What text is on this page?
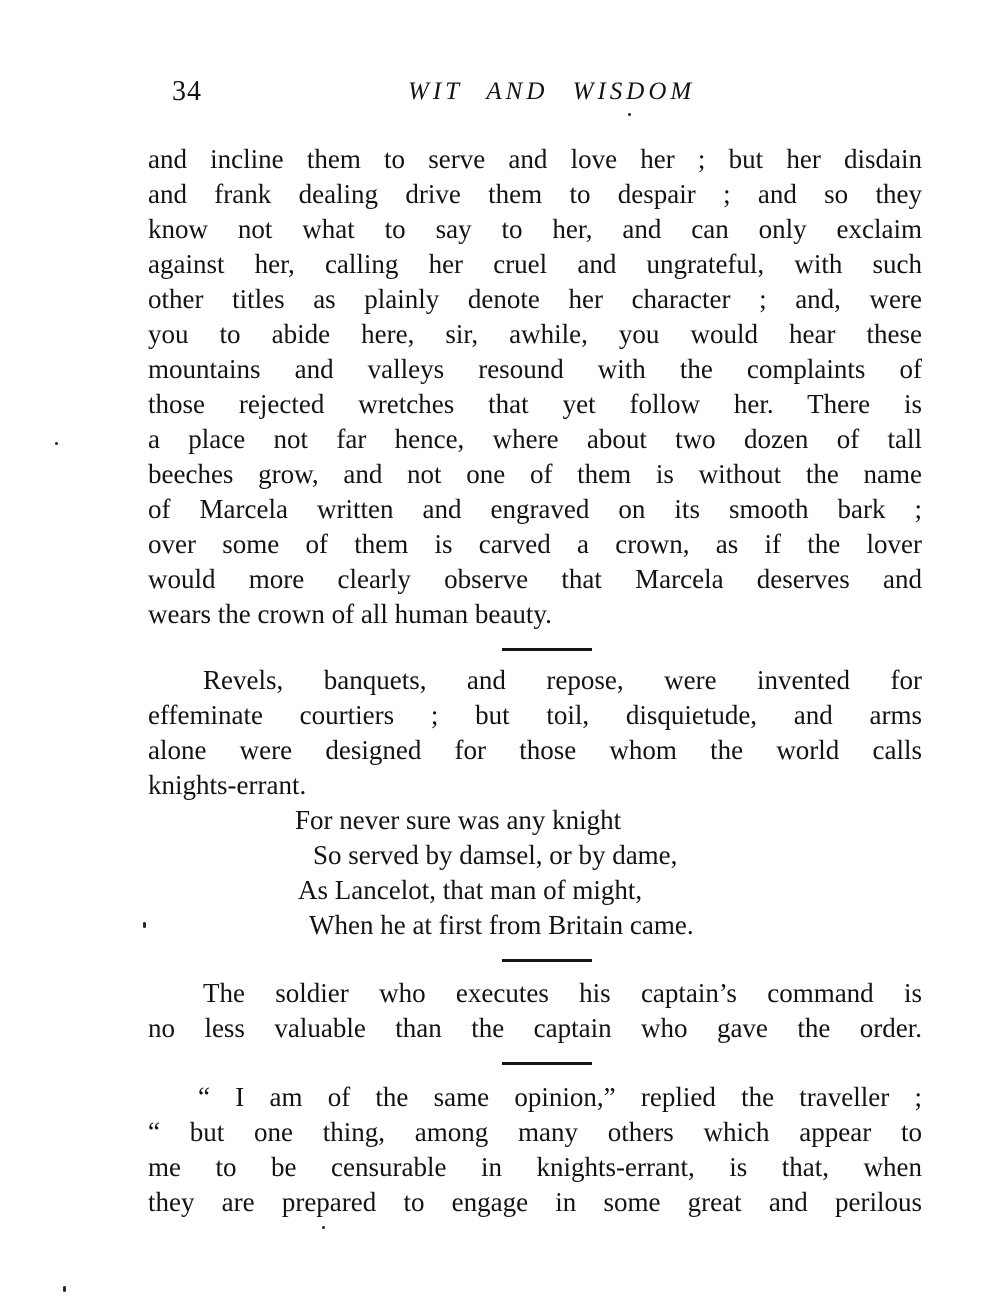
34	WIT AND WISDOM
and incline them to serve and love her ; but her disdain
and frank dealing drive them to despair ; and so they
know not what to say to her, and can only exclaim
against her, calling her cruel and ungrateful, with such
other titles as plainly denote her character ; and, were
you to abide here, sir, awhile, you would hear these
mountains and valleys resound with the complaints of
those rejected wretches that yet follow her. There is
a place not far hence, where about two dozen of tall
beeches grow, and not one of them is without the name
of Marcela written and engraved on its smooth bark ;
over some of them is carved a crown, as if the lover
would more clearly observe that Marcela deserves and
wears the crown of all human beauty.
Revels, banquets, and repose, were invented for
effeminate courtiers ; but toil, disquietude, and arms
alone were designed for those whom the world calls
knights-errant.
For never sure was any knight
So served by damsel, or by dame,
As Lancelot, that man of might,
When he at first from Britain came.
The soldier who executes his captain’s command is
no less valuable than the captain who gave the order.
“ I am of the same opinion,” replied the traveller ;
“ but one thing, among many others which appear to
me to be censurable in knights-errant, is that, when
they are prepared to engage in some great and perilous
